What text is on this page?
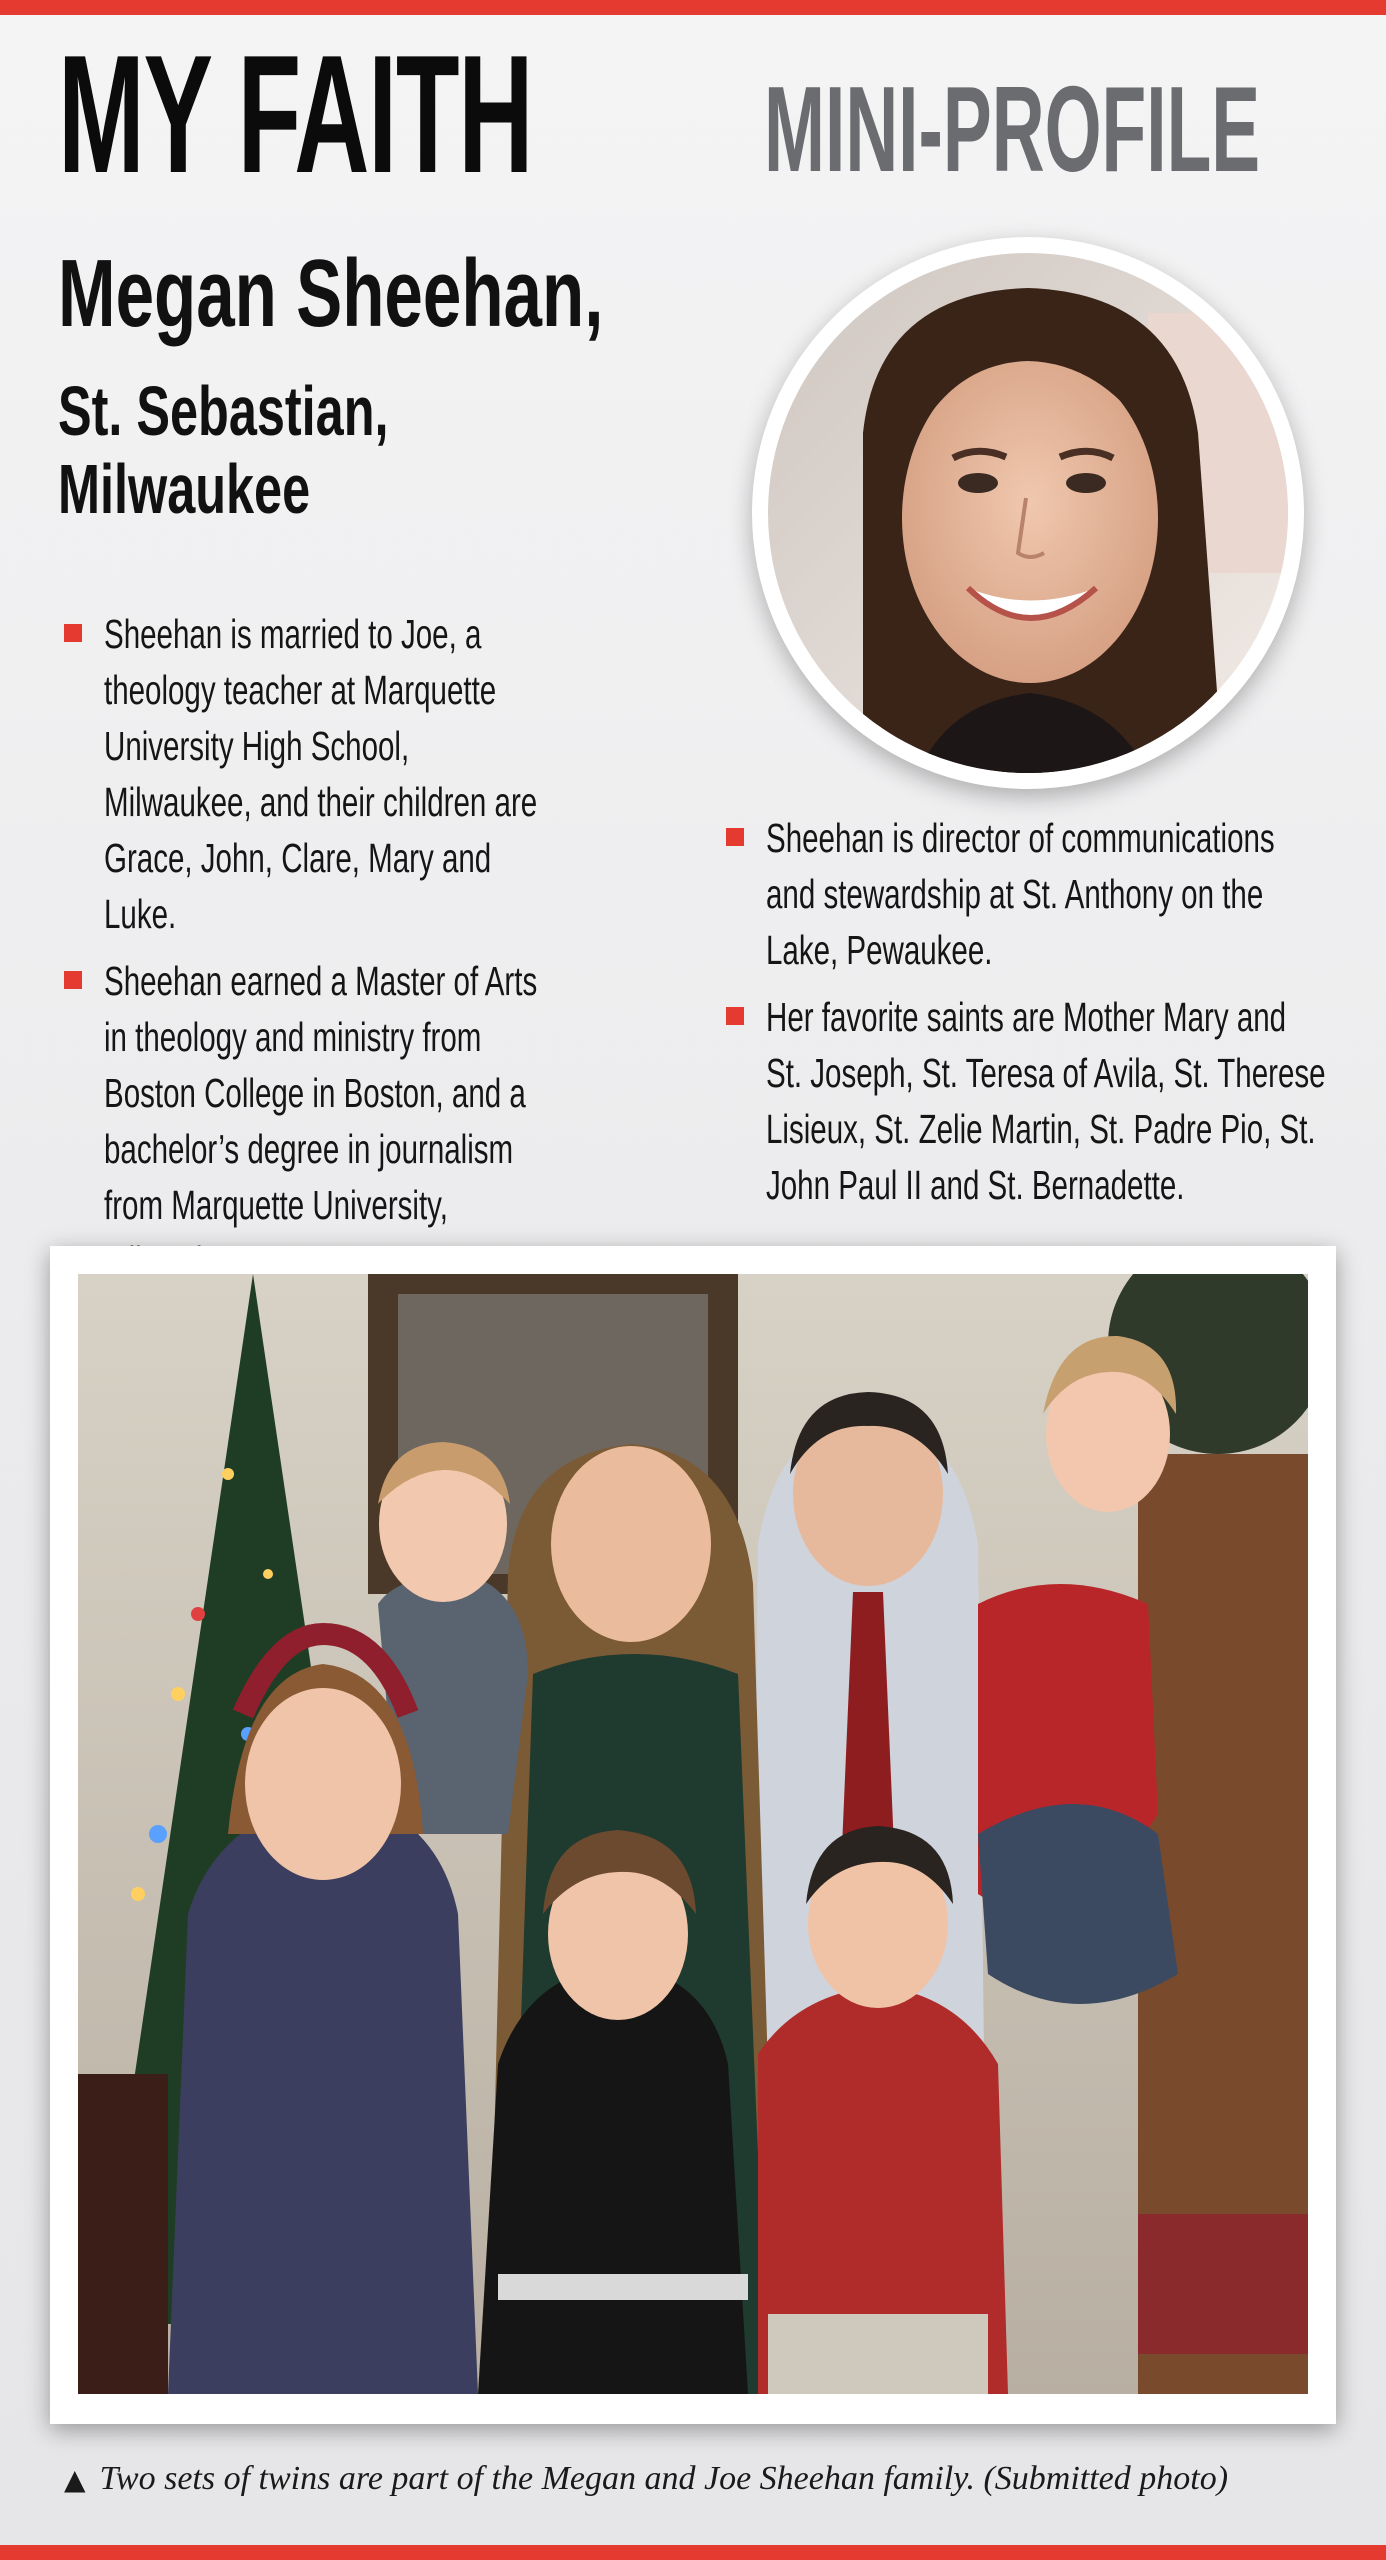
MY FAITH MINI-PROFILE
Megan Sheehan,
St. Sebastian,
Milwaukee
Sheehan is married to Joe, a theology teacher at Marquette University High School, Milwaukee, and their children are Grace, John, Clare, Mary and Luke.
Sheehan earned a Master of Arts in theology and ministry from Boston College in Boston, and a bachelor’s degree in journalism from Marquette University,
Sheehan is director of communications and stewardship at St. Anthony on the Lake, Pewaukee.
Her favorite saints are Mother Mary and St. Joseph, St. Teresa of Avila, St. Therese Lisieux, St. Zelie Martin, St. Padre Pio, St. John Paul II and St. Bernadette.
▲ Two sets of twins are part of the Megan and Joe Sheehan family. (Submitted photo)
